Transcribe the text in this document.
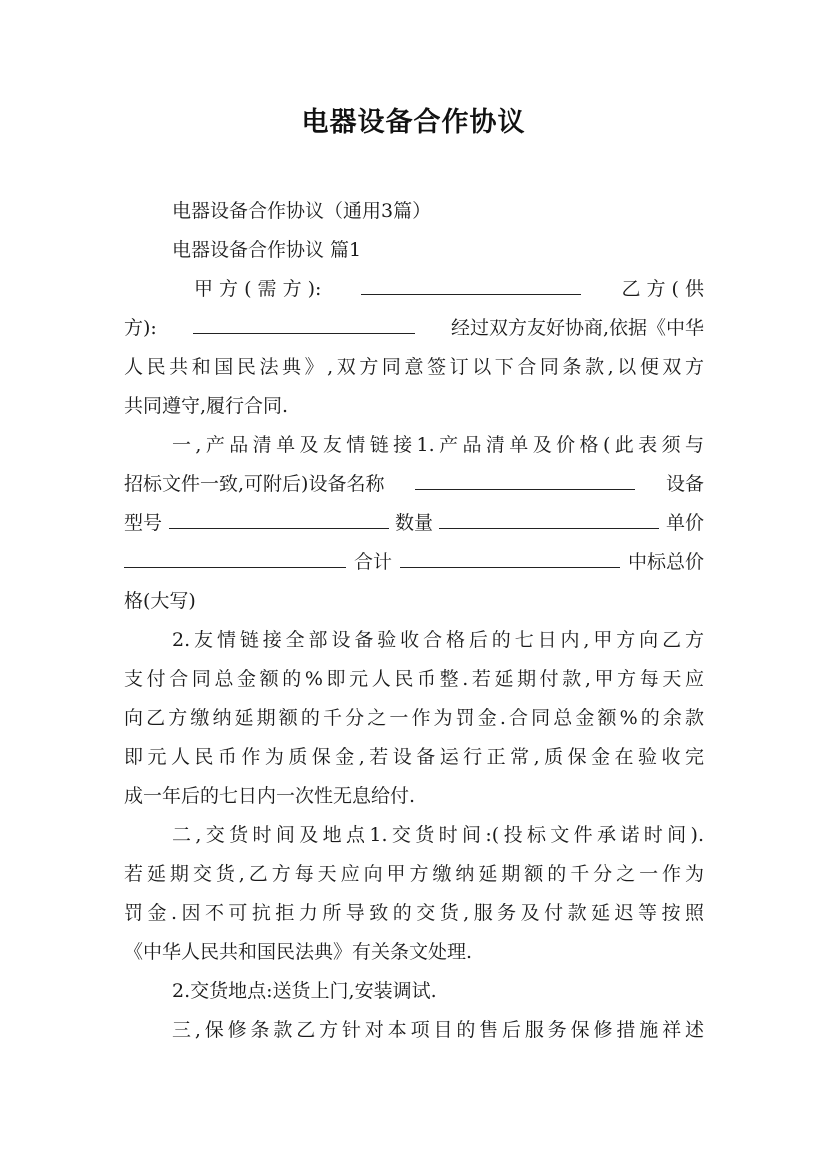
电器设备合作协议
电器设备合作协议（通用3篇）
电器设备合作协议 篇1
甲 方 ( 需 方 ):	乙 方 ( 供
方):	经过双方友好协商,依据《中华
人民共和国民法典》,双方同意签订以下合同条款,以便双方
共同遵守,履行合同.
一,产品清单及友情链接1.产品清单及价格(此表须与
招标文件一致,可附后)设备名称	设备
型号	数量	单价
合计	中标总价
格(大写)
2.友情链接全部设备验收合格后的七日内,甲方向乙方
支付合同总金额的%即元人民币整.若延期付款,甲方每天应
向乙方缴纳延期额的千分之一作为罚金.合同总金额%的余款
即元人民币作为质保金,若设备运行正常,质保金在验收完
成一年后的七日内一次性无息给付.
二,交货时间及地点1.交货时间:(投标文件承诺时间).
若延期交货,乙方每天应向甲方缴纳延期额的千分之一作为
罚金.因不可抗拒力所导致的交货,服务及付款延迟等按照
《中华人民共和国民法典》有关条文处理.
2.交货地点:送货上门,安装调试.
三,保修条款乙方针对本项目的售后服务保修措施祥述
